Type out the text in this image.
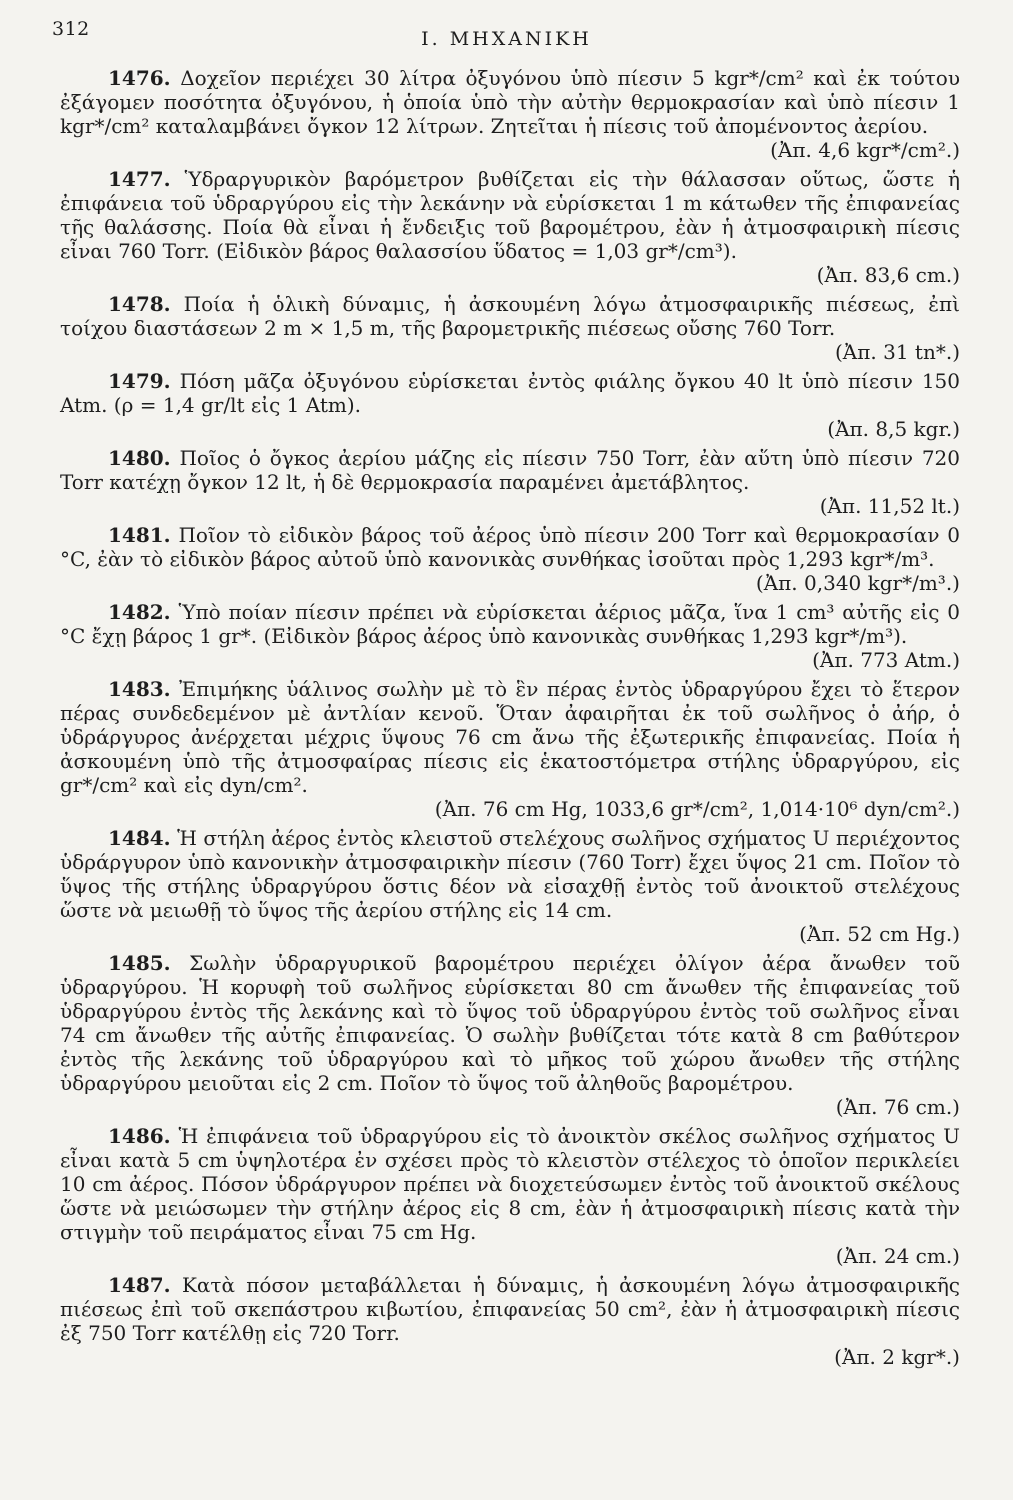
312	I. ΜΗΧΑΝΙΚΗ

1476. Δοχεῖον περιέχει 30 λίτρα ὀξυγόνου ὑπὸ πίεσιν 5 kgr*/cm² καὶ ἐκ τούτου ἐξάγομεν ποσότητα ὀξυγόνου, ἡ ὁποία ὑπὸ τὴν αὐτὴν θερμοκρασίαν καὶ ὑπὸ πίεσιν 1 kgr*/cm² καταλαμβάνει ὄγκον 12 λίτρων. Ζητεῖται ἡ πίεσις τοῦ ἀπομένοντος ἀερίου.
(Ἀπ. 4,6 kgr*/cm².)

1477. Ὑδραργυρικὸν βαρόμετρον βυθίζεται εἰς τὴν θάλασσαν οὕτως, ὥστε ἡ ἐπιφάνεια τοῦ ὑδραργύρου εἰς τὴν λεκάνην νὰ εὑρίσκεται 1 m κάτωθεν τῆς ἐπιφανείας τῆς θαλάσσης. Ποία θὰ εἶναι ἡ ἔνδειξις τοῦ βαρομέτρου, ἐὰν ἡ ἀτμοσφαιρικὴ πίεσις εἶναι 760 Torr. (Εἰδικὸν βάρος θαλασσίου ὕδατος = 1,03 gr*/cm³).
(Ἀπ. 83,6 cm.)

1478. Ποία ἡ ὁλικὴ δύναμις, ἡ ἀσκουμένη λόγω ἀτμοσφαιρικῆς πιέσεως, ἐπὶ τοίχου διαστάσεων 2 m × 1,5 m, τῆς βαρομετρικῆς πιέσεως οὔσης 760 Torr.
(Ἀπ. 31 tn*.)

1479. Πόση μᾶζα ὀξυγόνου εὑρίσκεται ἐντὸς φιάλης ὄγκου 40 lt ὑπὸ πίεσιν 150 Atm. (ρ = 1,4 gr/lt εἰς 1 Atm).
(Ἀπ. 8,5 kgr.)

1480. Ποῖος ὁ ὄγκος ἀερίου μάζης εἰς πίεσιν 750 Torr, ἐὰν αὕτη ὑπὸ πίεσιν 720 Torr κατέχῃ ὄγκον 12 lt, ἡ δὲ θερμοκρασία παραμένει ἀμετάβλητος.
(Ἀπ. 11,52 lt.)

1481. Ποῖον τὸ εἰδικὸν βάρος τοῦ ἀέρος ὑπὸ πίεσιν 200 Torr καὶ θερμοκρασίαν 0 °C, ἐὰν τὸ εἰδικὸν βάρος αὐτοῦ ὑπὸ κανονικὰς συνθήκας ἰσοῦται πρὸς 1,293 kgr*/m³.
(Ἀπ. 0,340 kgr*/m³.)

1482. Ὑπὸ ποίαν πίεσιν πρέπει νὰ εὑρίσκεται ἀέριος μᾶζα, ἵνα 1 cm³ αὐτῆς εἰς 0 °C ἔχῃ βάρος 1 gr*. (Εἰδικὸν βάρος ἀέρος ὑπὸ κανονικὰς συνθήκας 1,293 kgr*/m³).
(Ἀπ. 773 Atm.)

1483. Ἐπιμήκης ὑάλινος σωλὴν μὲ τὸ ἓν πέρας ἐντὸς ὑδραργύρου ἔχει τὸ ἕτερον πέρας συνδεδεμένον μὲ ἀντλίαν κενοῦ. Ὅταν ἀφαιρῆται ἐκ τοῦ σωλῆνος ὁ ἀήρ, ὁ ὑδράργυρος ἀνέρχεται μέχρις ὕψους 76 cm ἄνω τῆς ἐξωτερικῆς ἐπιφανείας. Ποία ἡ ἀσκουμένη ὑπὸ τῆς ἀτμοσφαίρας πίεσις εἰς ἑκατοστόμετρα στήλης ὑδραργύρου, εἰς gr*/cm² καὶ εἰς dyn/cm².
(Ἀπ. 76 cm Hg, 1033,6 gr*/cm², 1,014·10⁶ dyn/cm².)

1484. Ἡ στήλη ἀέρος ἐντὸς κλειστοῦ στελέχους σωλῆνος σχήματος U περιέχοντος ὑδράργυρον ὑπὸ κανονικὴν ἀτμοσφαιρικὴν πίεσιν (760 Torr) ἔχει ὕψος 21 cm. Ποῖον τὸ ὕψος τῆς στήλης ὑδραργύρου ὅστις δέον νὰ εἰσαχθῇ ἐντὸς τοῦ ἀνοικτοῦ στελέχους ὥστε νὰ μειωθῇ τὸ ὕψος τῆς ἀερίου στήλης εἰς 14 cm.
(Ἀπ. 52 cm Hg.)

1485. Σωλὴν ὑδραργυρικοῦ βαρομέτρου περιέχει ὀλίγον ἀέρα ἄνωθεν τοῦ ὑδραργύρου. Ἡ κορυφὴ τοῦ σωλῆνος εὑρίσκεται 80 cm ἄνωθεν τῆς ἐπιφανείας τοῦ ὑδραργύρου ἐντὸς τῆς λεκάνης καὶ τὸ ὕψος τοῦ ὑδραργύρου ἐντὸς τοῦ σωλῆνος εἶναι 74 cm ἄνωθεν τῆς αὐτῆς ἐπιφανείας. Ὁ σωλὴν βυθίζεται τότε κατὰ 8 cm βαθύτερον ἐντὸς τῆς λεκάνης τοῦ ὑδραργύρου καὶ τὸ μῆκος τοῦ χώρου ἄνωθεν τῆς στήλης ὑδραργύρου μειοῦται εἰς 2 cm. Ποῖον τὸ ὕψος τοῦ ἀληθοῦς βαρομέτρου.
(Ἀπ. 76 cm.)

1486. Ἡ ἐπιφάνεια τοῦ ὑδραργύρου εἰς τὸ ἀνοικτὸν σκέλος σωλῆνος σχήματος U εἶναι κατὰ 5 cm ὑψηλοτέρα ἐν σχέσει πρὸς τὸ κλειστὸν στέλεχος τὸ ὁποῖον περικλείει 10 cm ἀέρος. Πόσον ὑδράργυρον πρέπει νὰ διοχετεύσωμεν ἐντὸς τοῦ ἀνοικτοῦ σκέλους ὥστε νὰ μειώσωμεν τὴν στήλην ἀέρος εἰς 8 cm, ἐὰν ἡ ἀτμοσφαιρικὴ πίεσις κατὰ τὴν στιγμὴν τοῦ πειράματος εἶναι 75 cm Hg.
(Ἀπ. 24 cm.)

1487. Κατὰ πόσον μεταβάλλεται ἡ δύναμις, ἡ ἀσκουμένη λόγω ἀτμοσφαιρικῆς πιέσεως ἐπὶ τοῦ σκεπάστρου κιβωτίου, ἐπιφανείας 50 cm², ἐὰν ἡ ἀτμοσφαιρικὴ πίεσις ἐξ 750 Torr κατέλθῃ εἰς 720 Torr.
(Ἀπ. 2 kgr*.)
